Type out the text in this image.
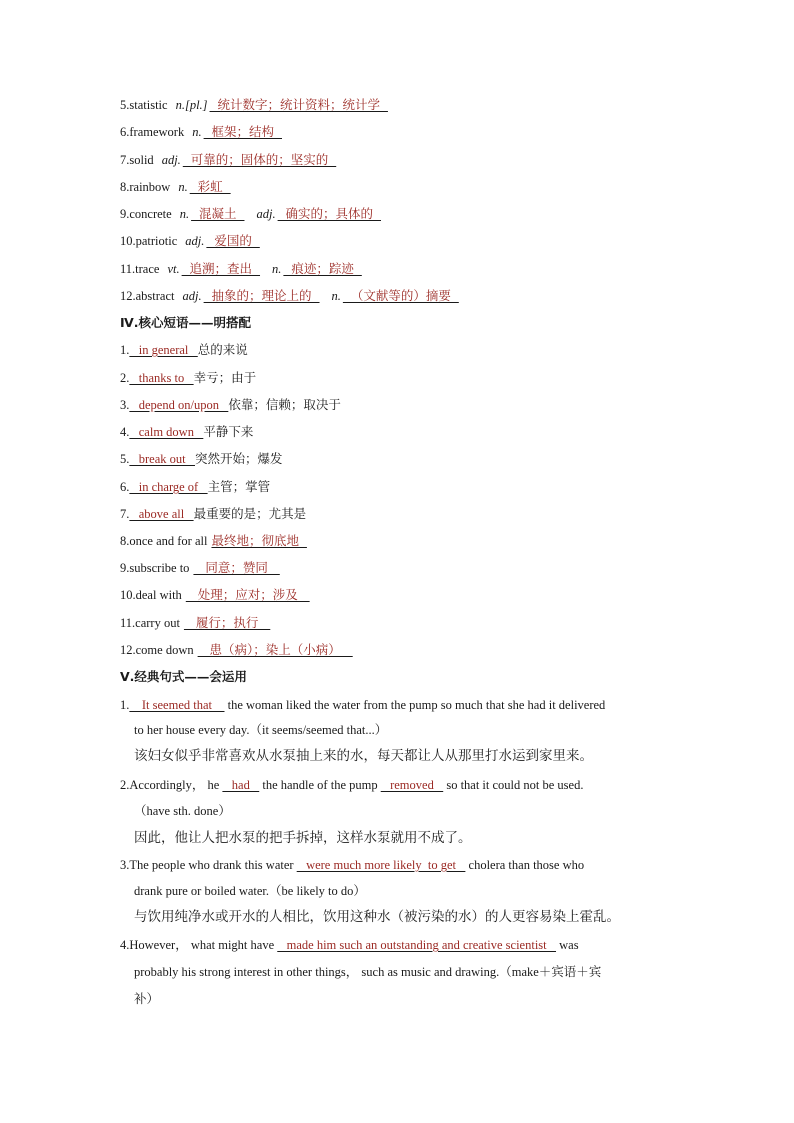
5.statistic n.[pl.]  统计数字；统计资料；统计学
6.framework n.  框架；结构
7.solid adj.  可靠的；固体的；坚实的
8.rainbow n.  彩虹
9.concrete n.  混凝土  adj.  确实的；具体的
10.patriotic adj.  爱国的
11.trace vt.  追溯；查出  n.  痕迹；踪迹
12.abstract adj.  抽象的；理论上的  n.  （文献等的）摘要
Ⅳ.核心短语——明搭配
1.   in general   总的来说
2.   thanks to   幸亏；由于
3.   depend on/upon   依靠；信赖；取决于
4.   calm down   平静下来
5.   break out   突然开始；爆发
6.   in charge of   主管；掌管
7.   above all   最重要的是；尤其是
8.once and for all 最终地；彻底地
9.subscribe to   同意；赞同
10.deal with   处理；应对；涉及
11.carry out   履行；执行
12.come down   患（病）；染上（小病）
Ⅴ.经典句式——会运用
1.    It seemed that     the woman liked the water from the pump so much that she had it delivered
to her house every day.（it seems/seemed that...）
该妇女似乎非常喜欢从水泵抽上来的水，每天都让人从那里打水运到家里来。
2.Accordingly， he    had    the handle of the pump    removed    so that it could not be used.
（have sth. done）
因此，他让人把水泵的把手拆掉，这样水泵就用不成了。
3.The people who drank this water    were much more likely  to get    cholera than those who
drank pure or boiled water.（be likely to do）
与饮用纯净水或开水的人相比，饮用这种水（被污染的水）的人更容易染上霍乱。
4.However， what might have    made him such an outstanding and creative scientist    was
probably his strong interest in other things， such as music and drawing.（make＋宾语＋宾
补）
